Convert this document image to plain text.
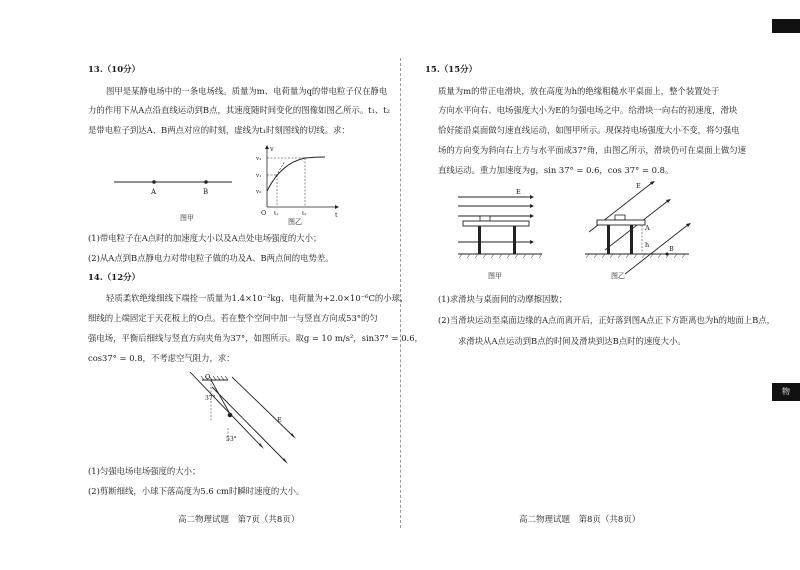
物
13.（10分）
图甲是某静电场中的一条电场线。质量为m、电荷量为q的带电粒子仅在静电
力的作用下从A点沿直线运动到B点，其速度随时间变化的图像如图乙所示。t₁、t₂
是带电粒子到达A、B两点对应的时刻，虚线为t₁时刻图线的切线。求：
A	B
图甲
v
t
O
v₂
v₁
v₀
t₁	t₂
图乙
(1)带电粒子在A点时的加速度大小以及A点处电场强度的大小；
(2)从A点到B点静电力对带电粒子做的功及A、B两点间的电势差。
14.（12分）
轻质柔软绝缘细线下端拴一质量为1.4×10⁻²kg、电荷量为+2.0×10⁻⁶C的小球，
细线的上端固定于天花板上的O点。若在整个空间中加一与竖直方向成53°的匀
强电场，平衡后细线与竖直方向夹角为37°，如图所示。取g = 10 m/s²，sin37° = 0.6，
cos37° = 0.8，不考虑空气阻力，求：
O
37°
53°
E
(1)匀强电场电场强度的大小；
(2)剪断细线，小球下落高度为5.6 cm时瞬时速度的大小。
高二物理试题　第7页（共8页）
15.（15分）
质量为m的带正电滑块，放在高度为h的绝缘粗糙水平桌面上，整个装置处于
方向水平向右、电场强度大小为E的匀强电场之中。给滑块一向右的初速度，滑块
恰好能沿桌面做匀速直线运动，如图甲所示。现保持电场强度大小不变，将匀强电
场的方向变为斜向右上方与水平面成37°角，由图乙所示，滑块仍可在桌面上做匀速
直线运动。重力加速度为g，sin 37° = 0.6，cos 37° = 0.8。
E
图甲
E
A
h	B
图乙
(1)求滑块与桌面间的动摩擦因数；
(2)当滑块运动至桌面边缘的A点而离开后，正好落到图A点正下方距离也为h的地面上B点，
求滑块从A点运动到B点的时间及滑块到达B点时的速度大小。
高二物理试题　第8页（共8页）
